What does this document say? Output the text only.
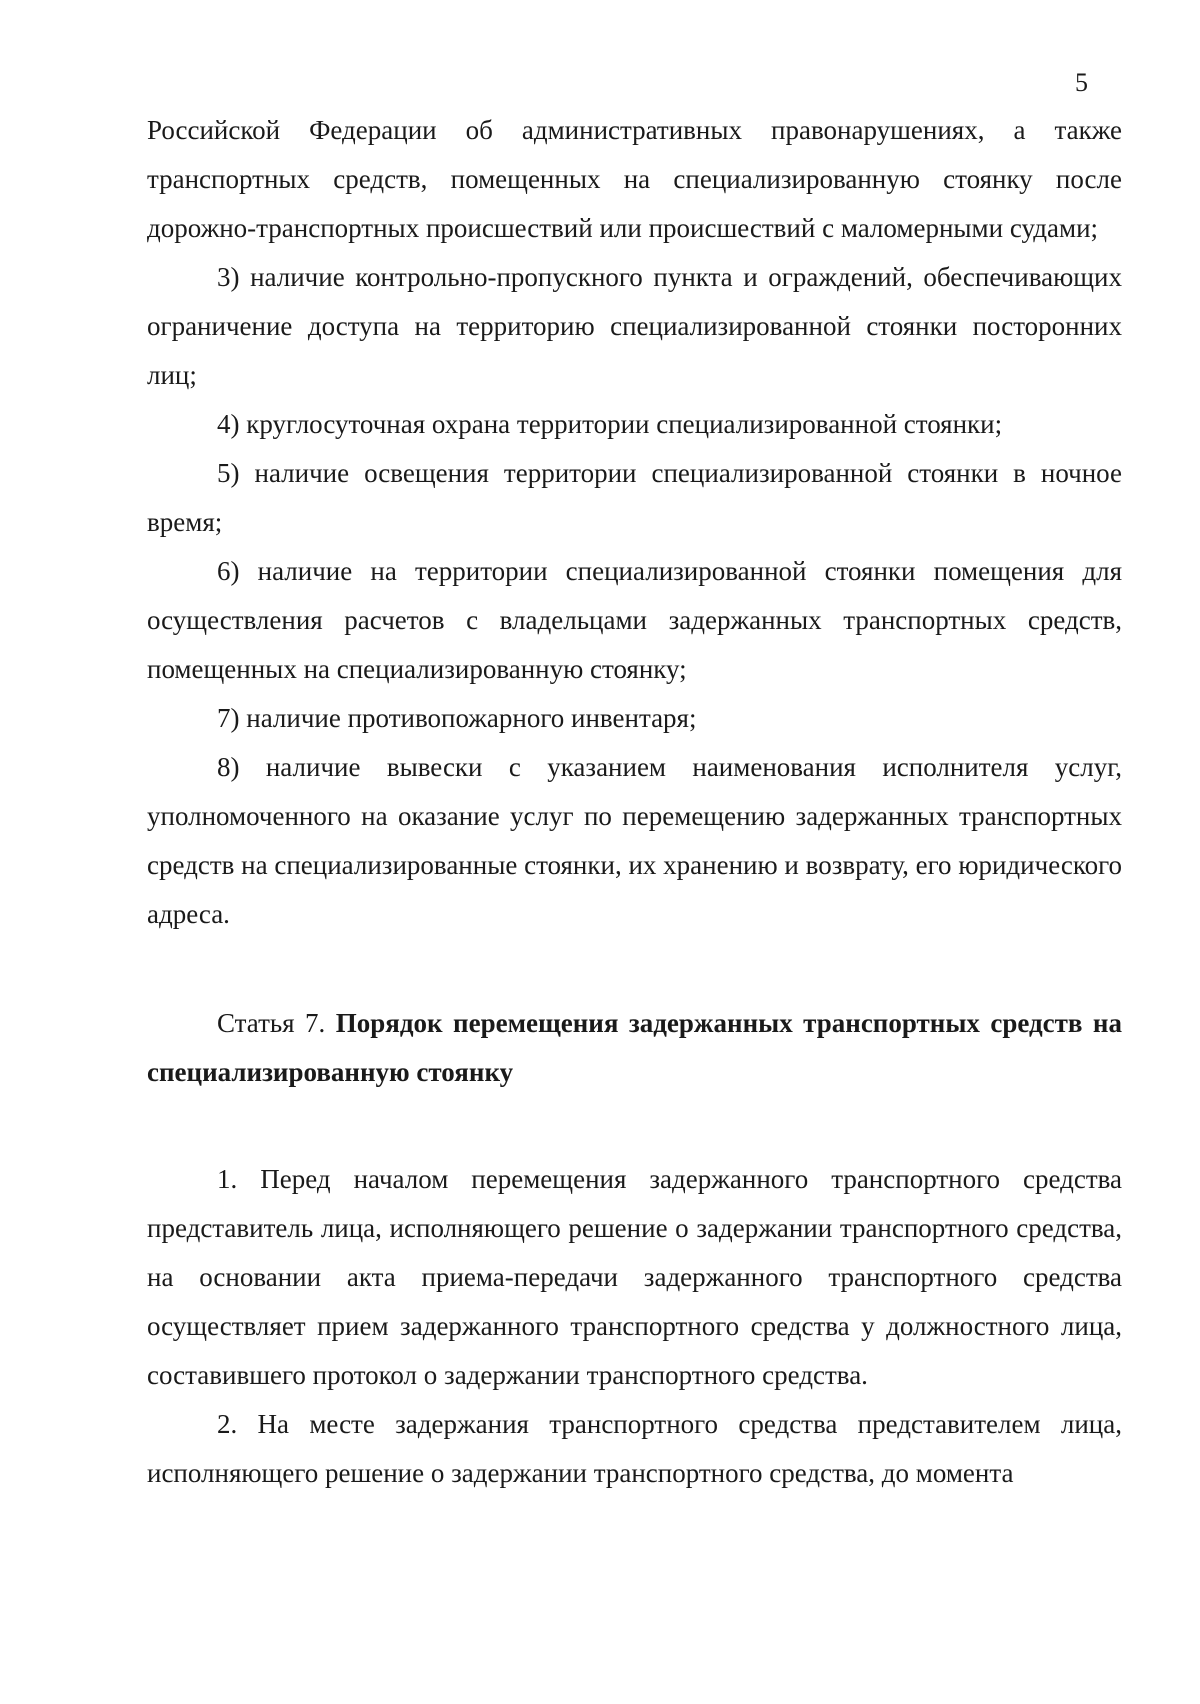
5

Российской Федерации об административных правонарушениях, а также транспортных средств, помещенных на специализированную стоянку после дорожно-транспортных происшествий или происшествий с маломерными судами;

3) наличие контрольно-пропускного пункта и ограждений, обеспечивающих ограничение доступа на территорию специализированной стоянки посторонних лиц;

4) круглосуточная охрана территории специализированной стоянки;

5) наличие освещения территории специализированной стоянки в ночное время;

6) наличие на территории специализированной стоянки помещения для осуществления расчетов с владельцами задержанных транспортных средств, помещенных на специализированную стоянку;

7) наличие противопожарного инвентаря;

8) наличие вывески с указанием наименования исполнителя услуг, уполномоченного на оказание услуг по перемещению задержанных транспортных средств на специализированные стоянки, их хранению и возврату, его юридического адреса.

Статья 7. Порядок перемещения задержанных транспортных средств на специализированную стоянку

1. Перед началом перемещения задержанного транспортного средства представитель лица, исполняющего решение о задержании транспортного средства, на основании акта приема-передачи задержанного транспортного средства осуществляет прием задержанного транспортного средства у должностного лица, составившего протокол о задержании транспортного средства.

2. На месте задержания транспортного средства представителем лица, исполняющего решение о задержании транспортного средства, до момента
